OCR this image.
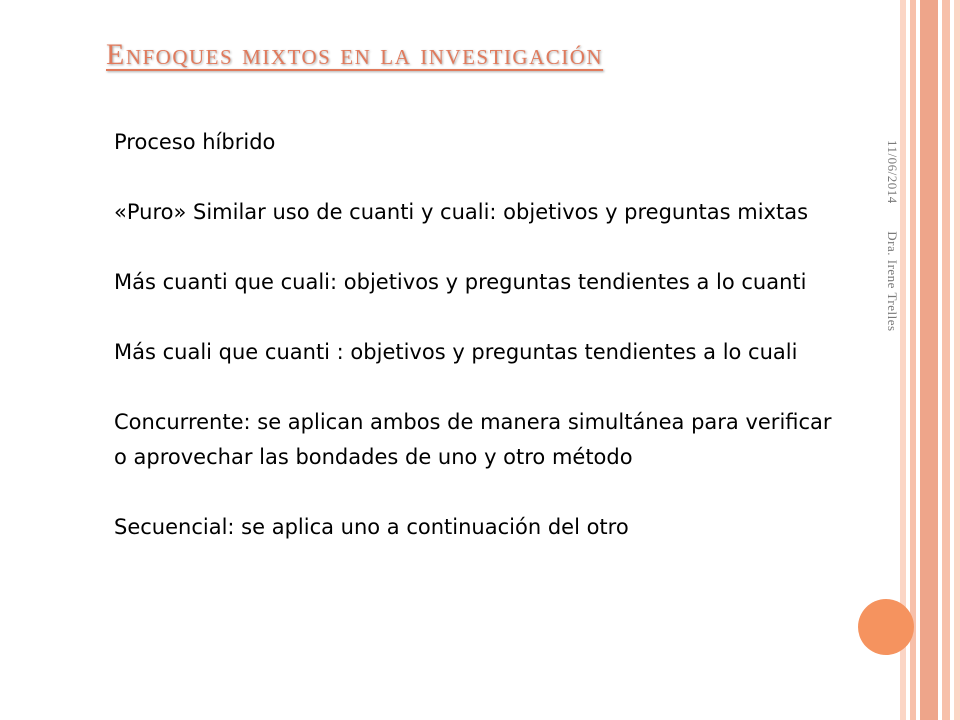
Enfoques mixtos en la investigación

Proceso híbrido

«Puro» Similar uso de cuanti y cuali: objetivos y preguntas mixtas

Más cuanti que cuali: objetivos y preguntas tendientes a lo cuanti

Más cuali que cuanti : objetivos y preguntas tendientes a lo cuali

Concurrente: se aplican ambos de manera simultánea para verificar o aprovechar las bondades de uno y otro método

Secuencial: se aplica uno a continuación del otro

11/06/2014  Dra. Irene Trelles
